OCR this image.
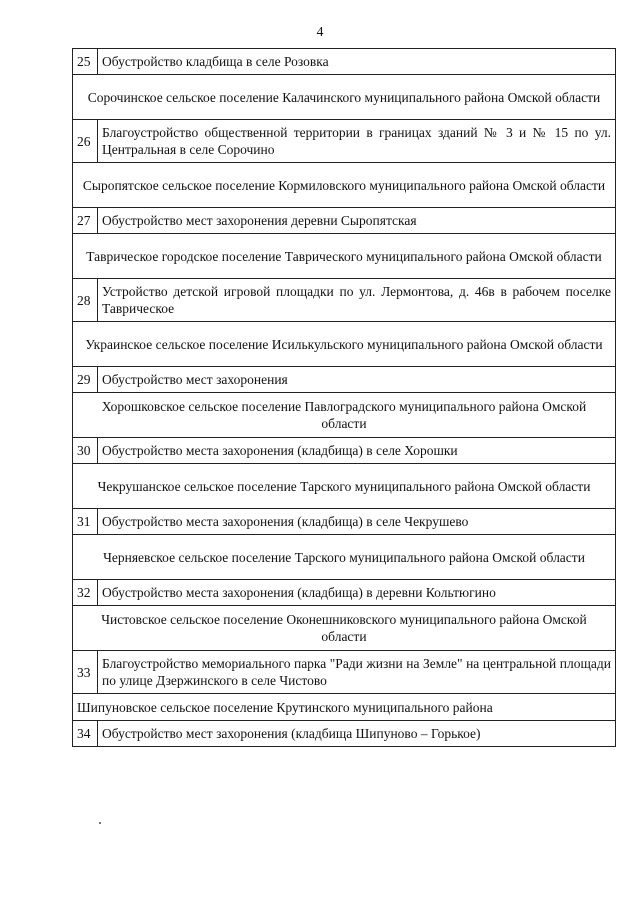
4
25	Обустройство кладбища в селе Розовка
Сорочинское сельское поселение Калачинского муниципального района Омской области	
26	Благоустройство общественной территории в границах зданий № 3 и № 15 по ул. Центральная в селе Сорочино
Сыропятское сельское поселение Кормиловского муниципального района Омской области	
27	Обустройство мест захоронения деревни Сыропятская
Таврическое городское поселение Таврического муниципального района Омской области	
28	Устройство детской игровой площадки по ул. Лермонтова, д. 46в в рабочем поселке Таврическое
Украинское сельское поселение Исилькульского муниципального района Омской области	
29	Обустройство мест захоронения
Хорошковское сельское поселение Павлоградского муниципального района Омской области	
30	Обустройство места захоронения (кладбища) в селе Хорошки
Чекрушанское сельское поселение Тарского муниципального района Омской области	
31	Обустройство места захоронения (кладбища) в селе Чекрушево
Черняевское сельское поселение Тарского муниципального района Омской области	
32	Обустройство места захоронения (кладбища) в деревни Кольтюгино
Чистовское сельское поселение Оконешниковского муниципального района Омской области	
33	Благоустройство мемориального парка "Ради жизни на Земле" на центральной площади по улице Дзержинского в селе Чистово
Шипуновское сельское поселение Крутинского муниципального района	
34	Обустройство мест захоронения (кладбища Шипуново – Горькое)
